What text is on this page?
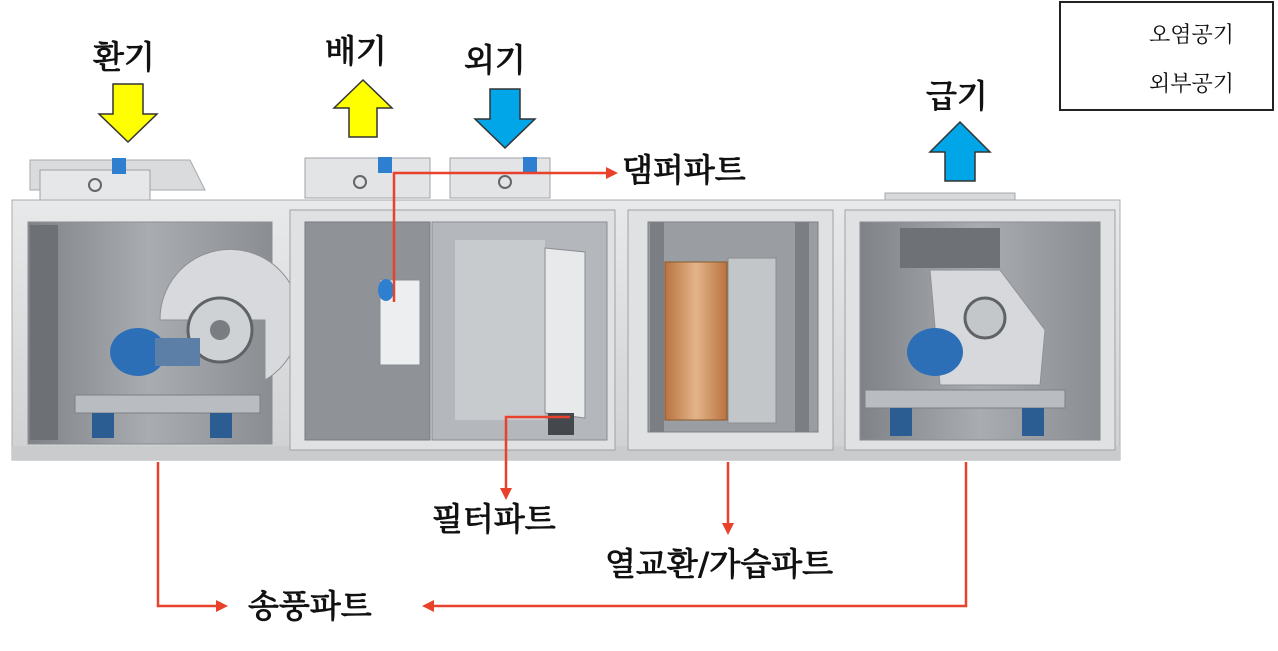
오염공기
외부공기
환기	배기 외기
급기
댐퍼파트
필터파트
열교환/가습파트
송풍파트
